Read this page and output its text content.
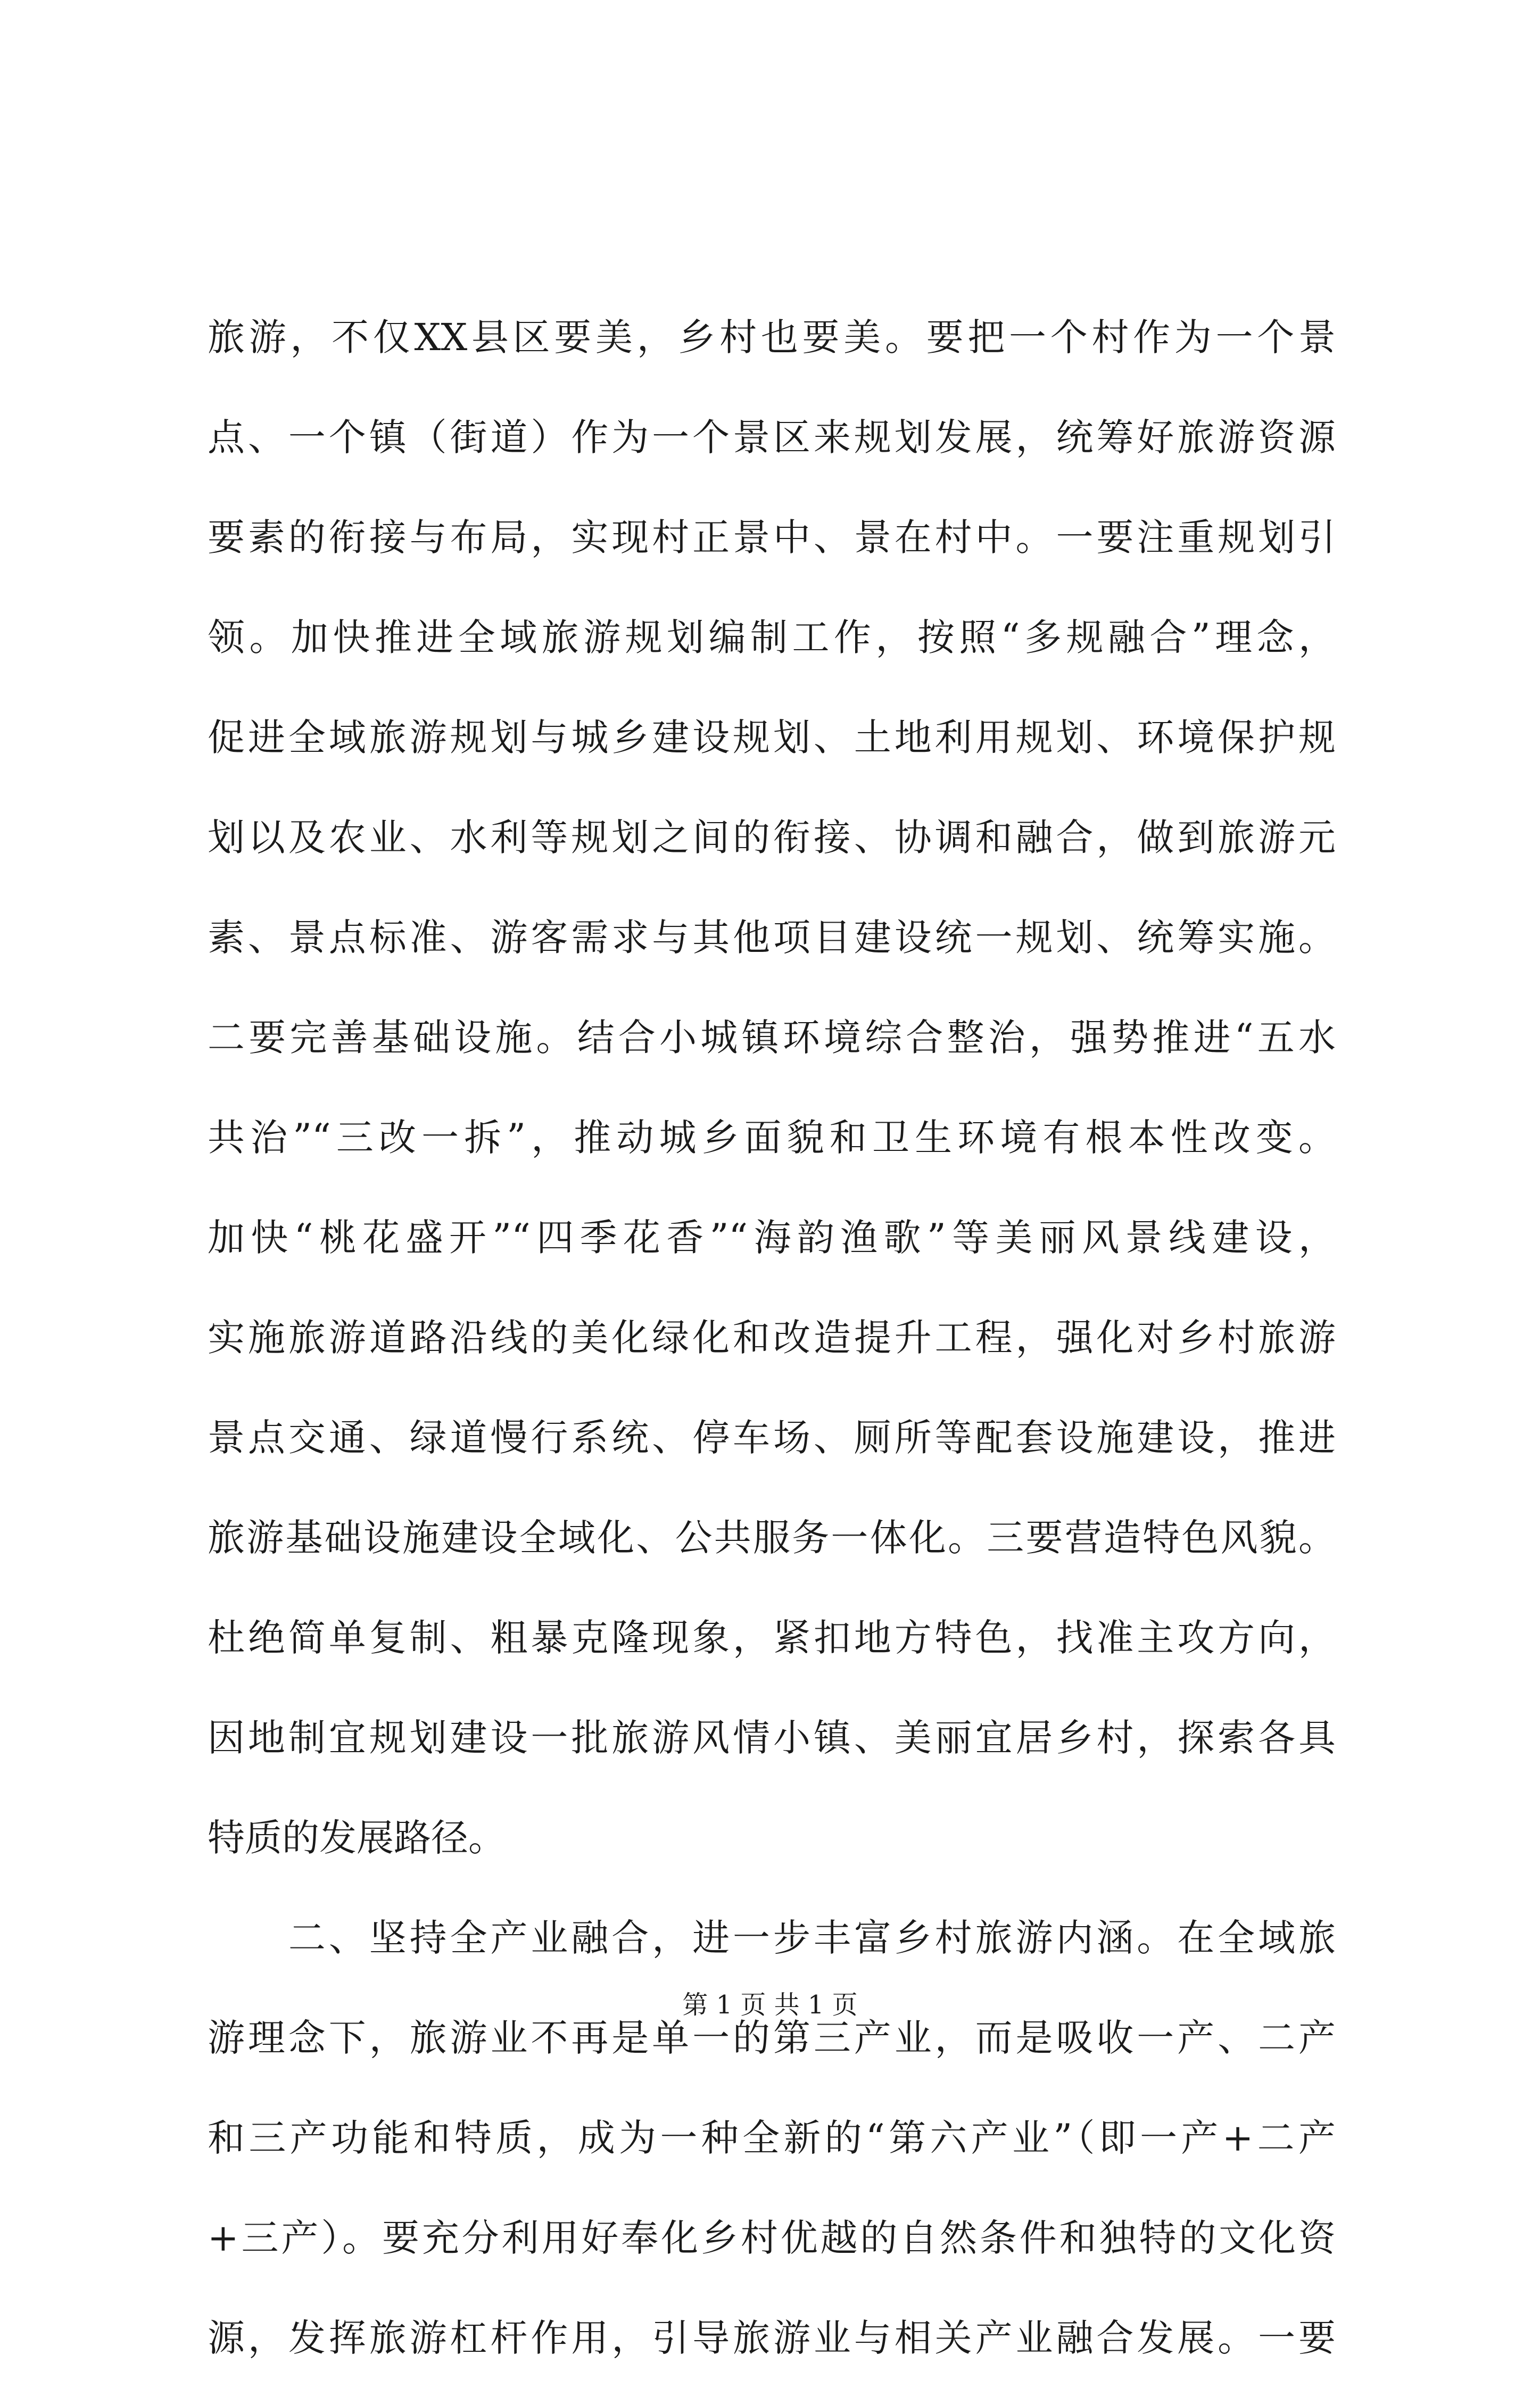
旅游，不仅XX县区要美，乡村也要美。要把一个村作为一个景
点、一个镇（街道）作为一个景区来规划发展，统筹好旅游资源
要素的衔接与布局，实现村正景中、景在村中。一要注重规划引
领。加快推进全域旅游规划编制工作，按照“多规融合”理念，
促进全域旅游规划与城乡建设规划、土地利用规划、环境保护规
划以及农业、水利等规划之间的衔接、协调和融合，做到旅游元
素、景点标准、游客需求与其他项目建设统一规划、统筹实施。
二要完善基础设施。结合小城镇环境综合整治，强势推进“五水
共治”“三改一拆”，推动城乡面貌和卫生环境有根本性改变。
加快“桃花盛开”“四季花香”“海韵渔歌”等美丽风景线建设，
实施旅游道路沿线的美化绿化和改造提升工程，强化对乡村旅游
景点交通、绿道慢行系统、停车场、厕所等配套设施建设，推进
旅游基础设施建设全域化、公共服务一体化。三要营造特色风貌。
杜绝简单复制、粗暴克隆现象，紧扣地方特色，找准主攻方向，
因地制宜规划建设一批旅游风情小镇、美丽宜居乡村，探索各具
特质的发展路径。
　　二、坚持全产业融合，进一步丰富乡村旅游内涵。在全域旅
游理念下，旅游业不再是单一的第三产业，而是吸收一产、二产
和三产功能和特质，成为一种全新的“第六产业”（即一产+二产
+三产）。要充分利用好奉化乡村优越的自然条件和独特的文化资
源，发挥旅游杠杆作用，引导旅游业与相关产业融合发展。一要
第 1 页 共 1 页
